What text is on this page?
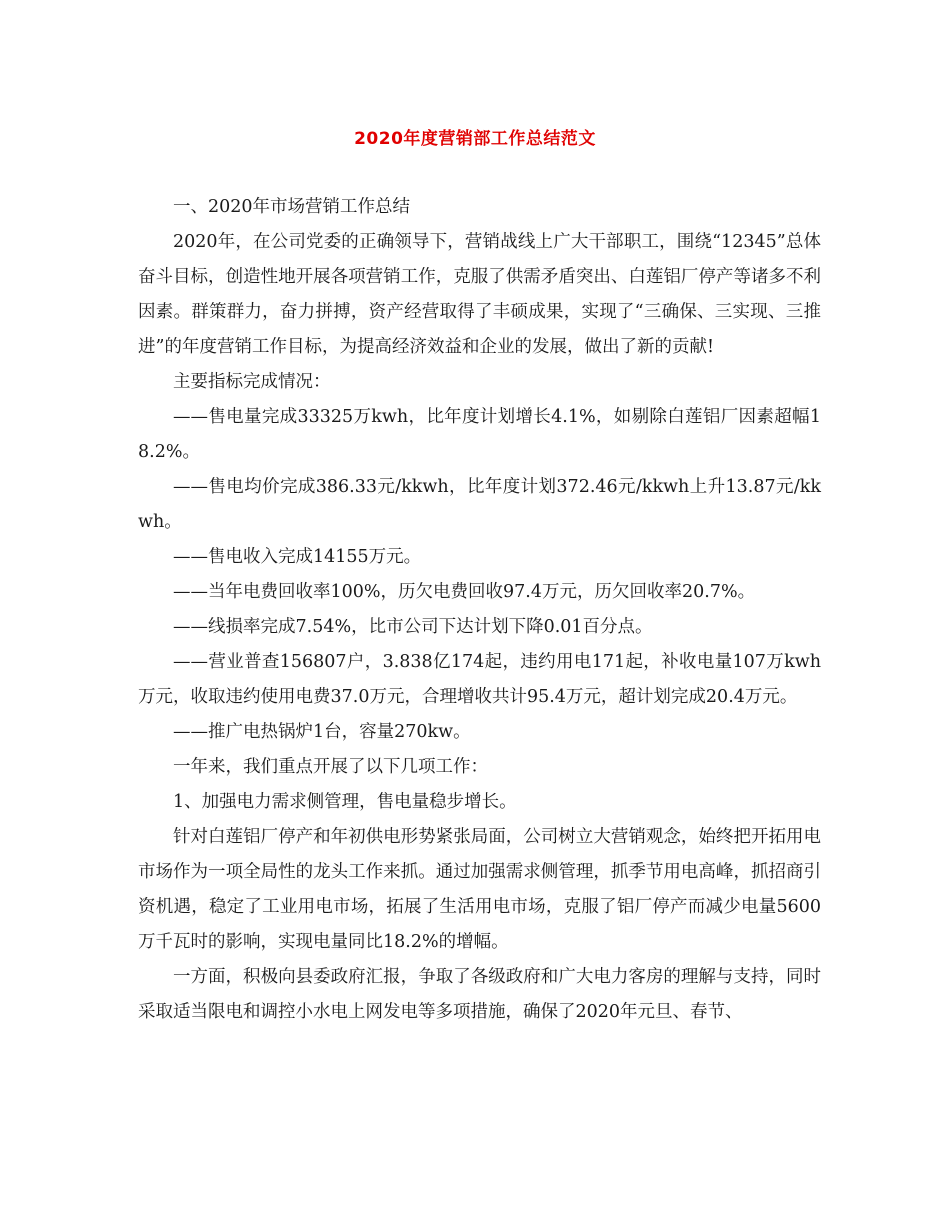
2020年度营销部工作总结范文

一、2020年市场营销工作总结

2020年，在公司党委的正确领导下，营销战线上广大干部职工，围绕“12345”总体奋斗目标，创造性地开展各项营销工作，克服了供需矛盾突出、白莲铝厂停产等诸多不利因素。群策群力，奋力拼搏，资产经营取得了丰硕成果，实现了“三确保、三实现、三推进”的年度营销工作目标，为提高经济效益和企业的发展，做出了新的贡献!

主要指标完成情况：

——售电量完成33325万kwh，比年度计划增长4.1%，如剔除白莲铝厂因素超幅18.2%。

——售电均价完成386.33元/kkwh，比年度计划372.46元/kkwh上升13.87元/kkwh。

——售电收入完成14155万元。

——当年电费回收率100%，历欠电费回收97.4万元，历欠回收率20.7%。

——线损率完成7.54%，比市公司下达计划下降0.01百分点。

——营业普查156807户，3.838亿174起，违约用电171起，补收电量107万kwh万元，收取违约使用电费37.0万元，合理增收共计95.4万元，超计划完成20.4万元。

——推广电热锅炉1台，容量270kw。

一年来，我们重点开展了以下几项工作：

1、加强电力需求侧管理，售电量稳步增长。

针对白莲铝厂停产和年初供电形势紧张局面，公司树立大营销观念，始终把开拓用电市场作为一项全局性的龙头工作来抓。通过加强需求侧管理，抓季节用电高峰，抓招商引资机遇，稳定了工业用电市场，拓展了生活用电市场，克服了铝厂停产而减少电量5600万千瓦时的影响，实现电量同比18.2%的增幅。

一方面，积极向县委政府汇报，争取了各级政府和广大电力客房的理解与支持，同时采取适当限电和调控小水电上网发电等多项措施，确保了2020年元旦、春节、
